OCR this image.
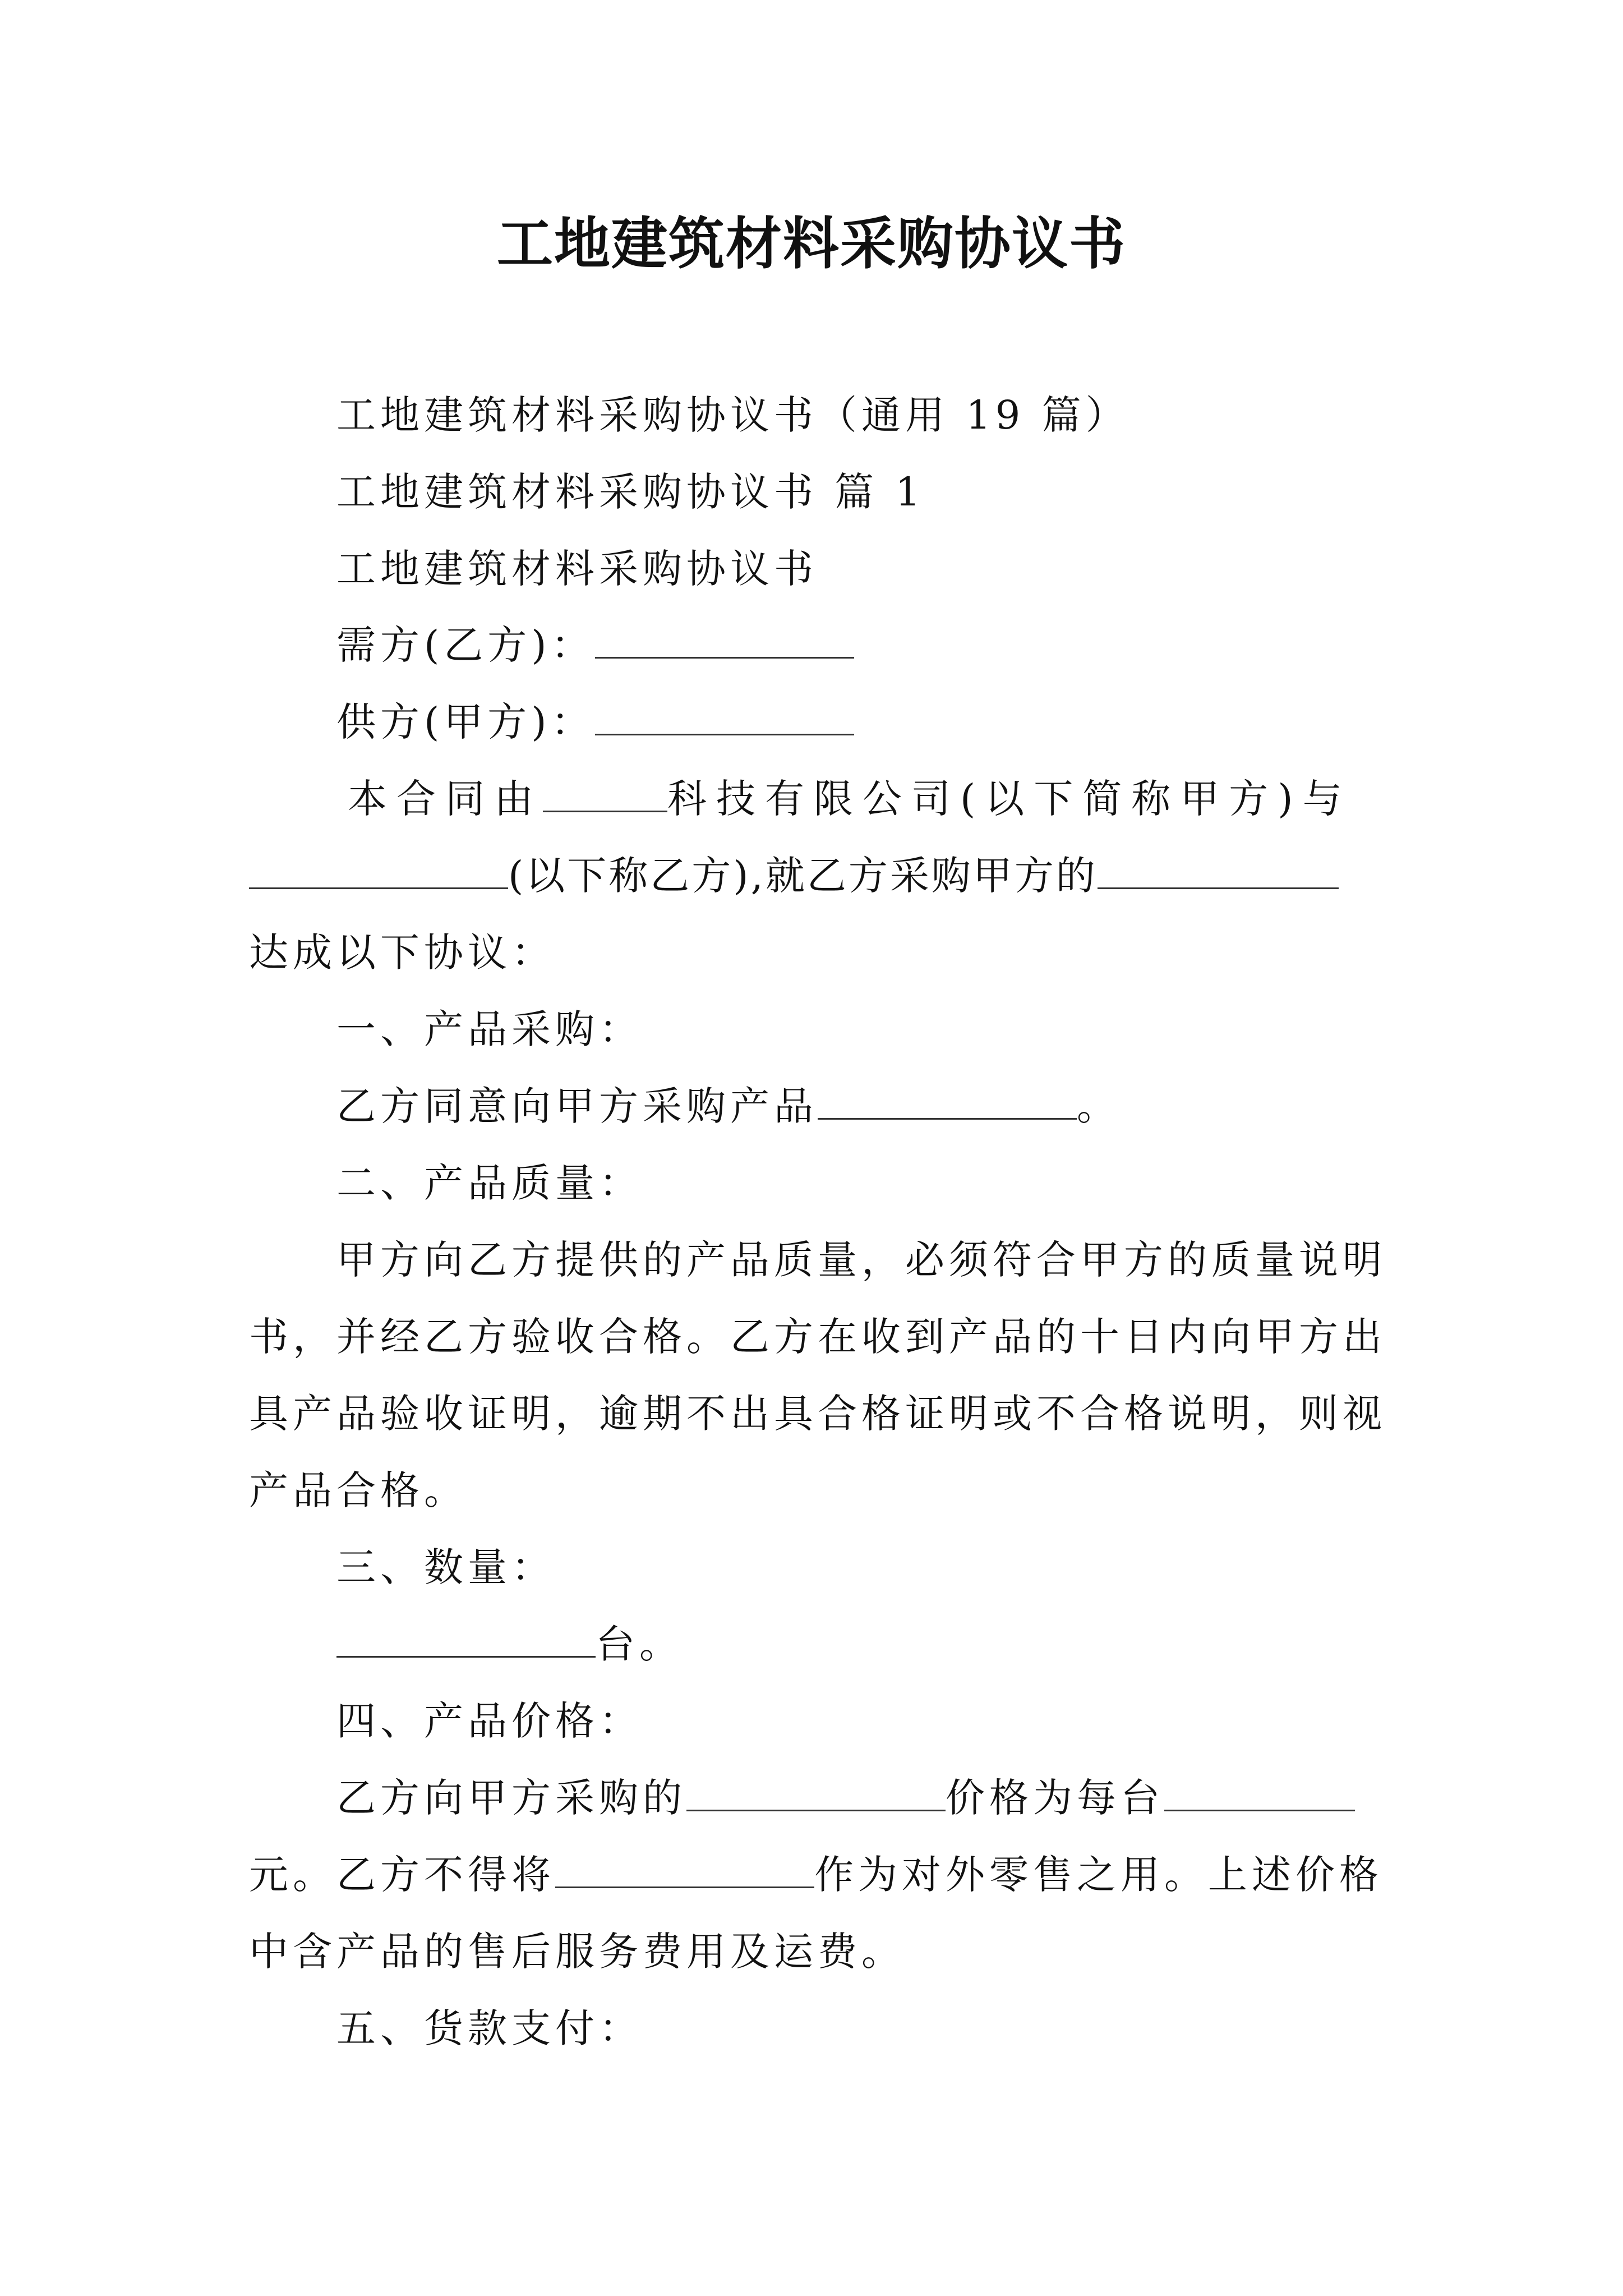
工地建筑材料采购协议书
工地建筑材料采购协议书（通用 19 篇）
工地建筑材料采购协议书 篇 1
工地建筑材料采购协议书
需方(乙方)：
供方(甲方)：
本合同由	科技有限公司(以下简称甲方)与
(以下称乙方),就乙方采购甲方的
达成以下协议：
一、产品采购：
乙方同意向甲方采购产品	。
二、产品质量：
甲方向乙方提供的产品质量，必须符合甲方的质量说明
书，并经乙方验收合格。乙方在收到产品的十日内向甲方出
具产品验收证明，逾期不出具合格证明或不合格说明，则视
产品合格。
三、数量：
台。
四、产品价格：
乙方向甲方采购的	价格为每台
元。乙方不得将	作为对外零售之用。上述价格
中含产品的售后服务费用及运费。
五、货款支付：
